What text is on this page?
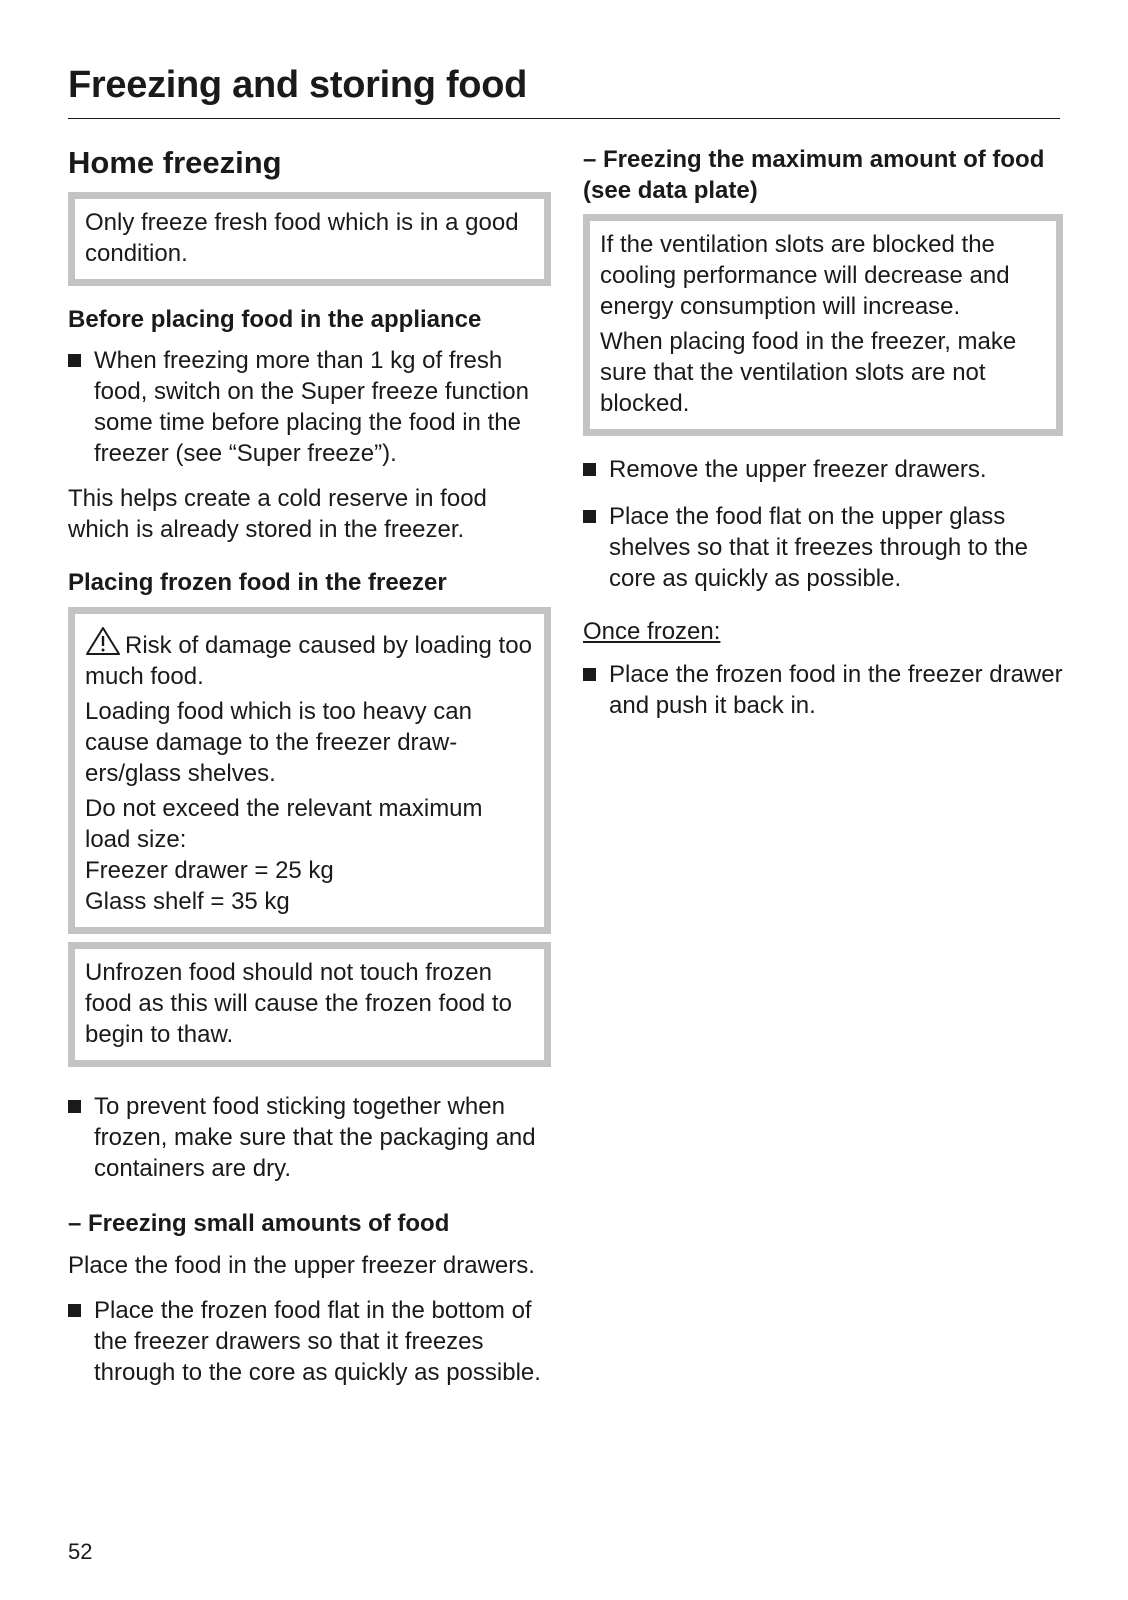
Freezing and storing food
Home freezing

Only freeze fresh food which is in a good condition.

Before placing food in the appliance
When freezing more than 1 kg of fresh food, switch on the Super freeze function some time before placing the food in the freezer (see “Super freeze”).

This helps create a cold reserve in food which is already stored in the freezer.

Placing frozen food in the freezer

Risk of damage caused by loading too much food.

Loading food which is too heavy can cause damage to the freezer drawers/glass shelves.

Do not exceed the relevant maximum load size:

Freezer drawer = 25 kg

Glass shelf = 35 kg

Unfrozen food should not touch frozen food as this will cause the frozen food to begin to thaw.

To prevent food sticking together when frozen, make sure that the packaging and containers are dry.
– Freezing small amounts of food

Place the food in the upper freezer drawers.

Place the frozen food flat in the bottom of the freezer drawers so that it freezes through to the core as quickly as possible.
– Freezing the maximum amount of food (see data plate)

If the ventilation slots are blocked the cooling performance will decrease and energy consumption will increase.

When placing food in the freezer, make sure that the ventilation slots are not blocked.

Remove the upper freezer drawers.
Place the food flat on the upper glass shelves so that it freezes through to the core as quickly as possible.

Once frozen:

Place the frozen food in the freezer drawer and push it back in.

52
